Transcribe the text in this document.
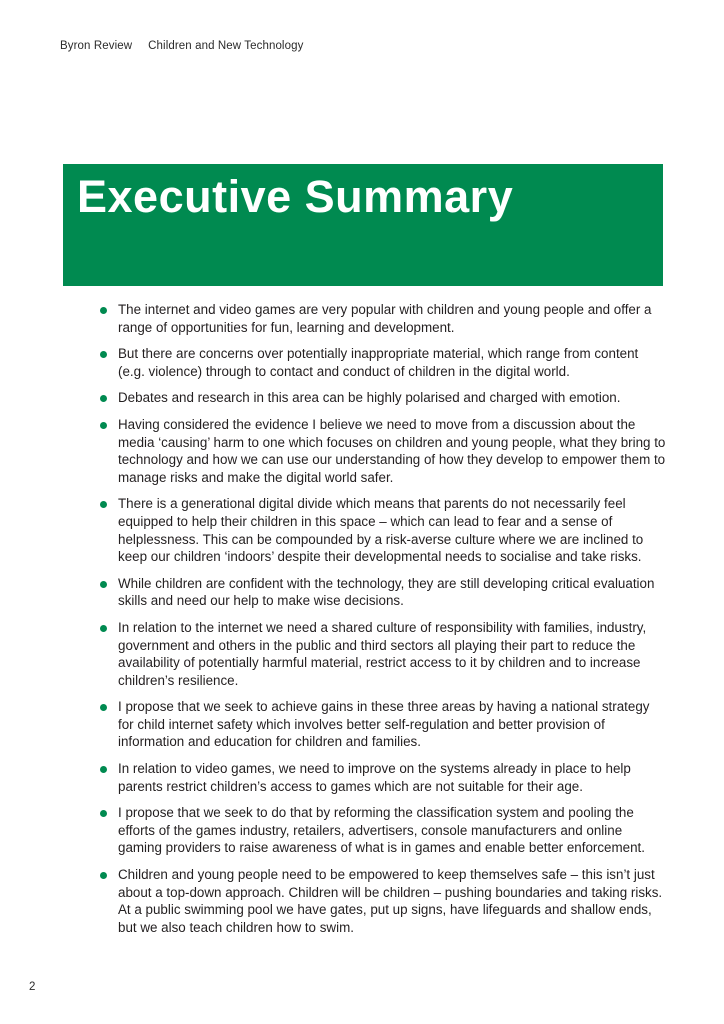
Byron Review Children and New Technology
Executive Summary
The internet and video games are very popular with children and young people and offer a range of opportunities for fun, learning and development.
But there are concerns over potentially inappropriate material, which range from content (e.g. violence) through to contact and conduct of children in the digital world.
Debates and research in this area can be highly polarised and charged with emotion.
Having considered the evidence I believe we need to move from a discussion about the media ‘causing’ harm to one which focuses on children and young people, what they bring to technology and how we can use our understanding of how they develop to empower them to manage risks and make the digital world safer.
There is a generational digital divide which means that parents do not necessarily feel equipped to help their children in this space – which can lead to fear and a sense of helplessness. This can be compounded by a risk-averse culture where we are inclined to keep our children ‘indoors’ despite their developmental needs to socialise and take risks.
While children are confident with the technology, they are still developing critical evaluation skills and need our help to make wise decisions.
In relation to the internet we need a shared culture of responsibility with families, industry, government and others in the public and third sectors all playing their part to reduce the availability of potentially harmful material, restrict access to it by children and to increase children’s resilience.
I propose that we seek to achieve gains in these three areas by having a national strategy for child internet safety which involves better self-regulation and better provision of information and education for children and families.
In relation to video games, we need to improve on the systems already in place to help parents restrict children’s access to games which are not suitable for their age.
I propose that we seek to do that by reforming the classification system and pooling the efforts of the games industry, retailers, advertisers, console manufacturers and online gaming providers to raise awareness of what is in games and enable better enforcement.
Children and young people need to be empowered to keep themselves safe – this isn’t just about a top-down approach. Children will be children – pushing boundaries and taking risks. At a public swimming pool we have gates, put up signs, have lifeguards and shallow ends, but we also teach children how to swim.
2
